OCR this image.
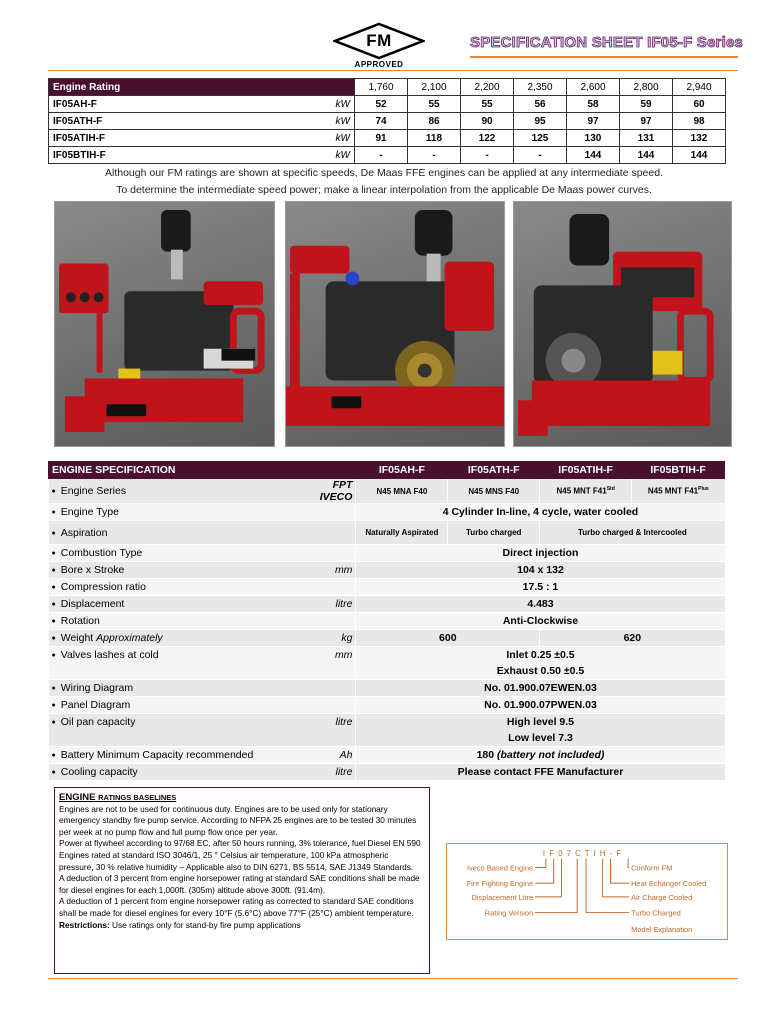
FM
APPROVED
SPECIFICATION SHEET IF05-F Series
Engine Rating		1,760	2,100	2,200	2,350	2,600	2,800	2,940
IF05AH-F	kW	52	55	55	56	58	59	60
IF05ATH-F	kW	74	86	90	95	97	97	98
IF05ATIH-F	kW	91	118	122	125	130	131	132
IF05BTIH-F	kW	-	-	-	-	144	144	144
Although our FM ratings are shown at specific speeds, De Maas FFE engines can be applied at any intermediate speed.
To determine the intermediate speed power; make a linear interpolation from the applicable De Maas power curves.
ENGINE SPECIFICATION		IF05AH-F	IF05ATH-F	IF05ATIH-F	IF05BTIH-F
● Engine Series	FPT IVECO	N45 MNA F40	N45 MNS F40	N45 MNT $F41^{Std}$	N45 MNT $F41^{Plus}$
● Engine Type		4 Cylinder In-line, 4 cycle, water cooled			
● Aspiration		Naturally Aspirated	Turbo charged	Turbo charged & Intercooled	
● Combustion Type		Direct injection			
● Bore x Stroke	mm	104 x 132			
● Compression ratio		17.5 : 1			
● Displacement	litre	4.483			
● Rotation		Anti-Clockwise			
● Weight Approximately	kg	600		620	
● Valves lashes at cold	mm	Inlet 0.25 ±0.5
Exhaust 0.50 ±0.5			

● Wiring Diagram		No. 01.900.07EWEN.03			
● Panel Diagram		No. 01.900.07PWEN.03			
● Oil pan capacity	litre	High level 9.5
Low level 7.3			

● Battery Minimum Capacity recommended	Ah	180 (battery not included)			
● Cooling capacity	litre	Please contact FFE Manufacturer			
ENGINE RATINGS BASELINES
Engines are not to be used for continuous duty. Engines are to be used only for stationary emergency standby fire pump service. According to NFPA 25 engines are to be tested 30 minutes per week at no pump flow and full pump flow once per year.
Power at flywheel according to 97/68 EC, after 50 hours running, 3% tolerance, fuel Diesel EN 590
Engines rated at standard ISO 3046/1, 25 ° Celsius air temperature, 100 kPa atmospheric pressure, 30 % relative humidity – Applicable also to DIN 6271, BS 5514, SAE J1349 Standards.
A deduction of 3 percent from engine horsepower rating at standard SAE conditions shall be made for diesel engines for each 1,000ft. (305m) altitude above 300ft. (91.4m).
A deduction of 1 percent from engine horsepower rating as corrected to standard SAE conditions shall be made for diesel engines for every 10°F (5.6°C) above 77°F (25°C) ambient temperature.
Restrictions: Use ratings only for stand-by fire pump applications
I F 0 7 C T I H - F
Iveco Based Engine
Fire Fighting Engine
Displacement Litre
Rating Version
Conform FM
Heat Echanger Cooled
Air Charge Cooled
Turbo Charged
Model Explanation
